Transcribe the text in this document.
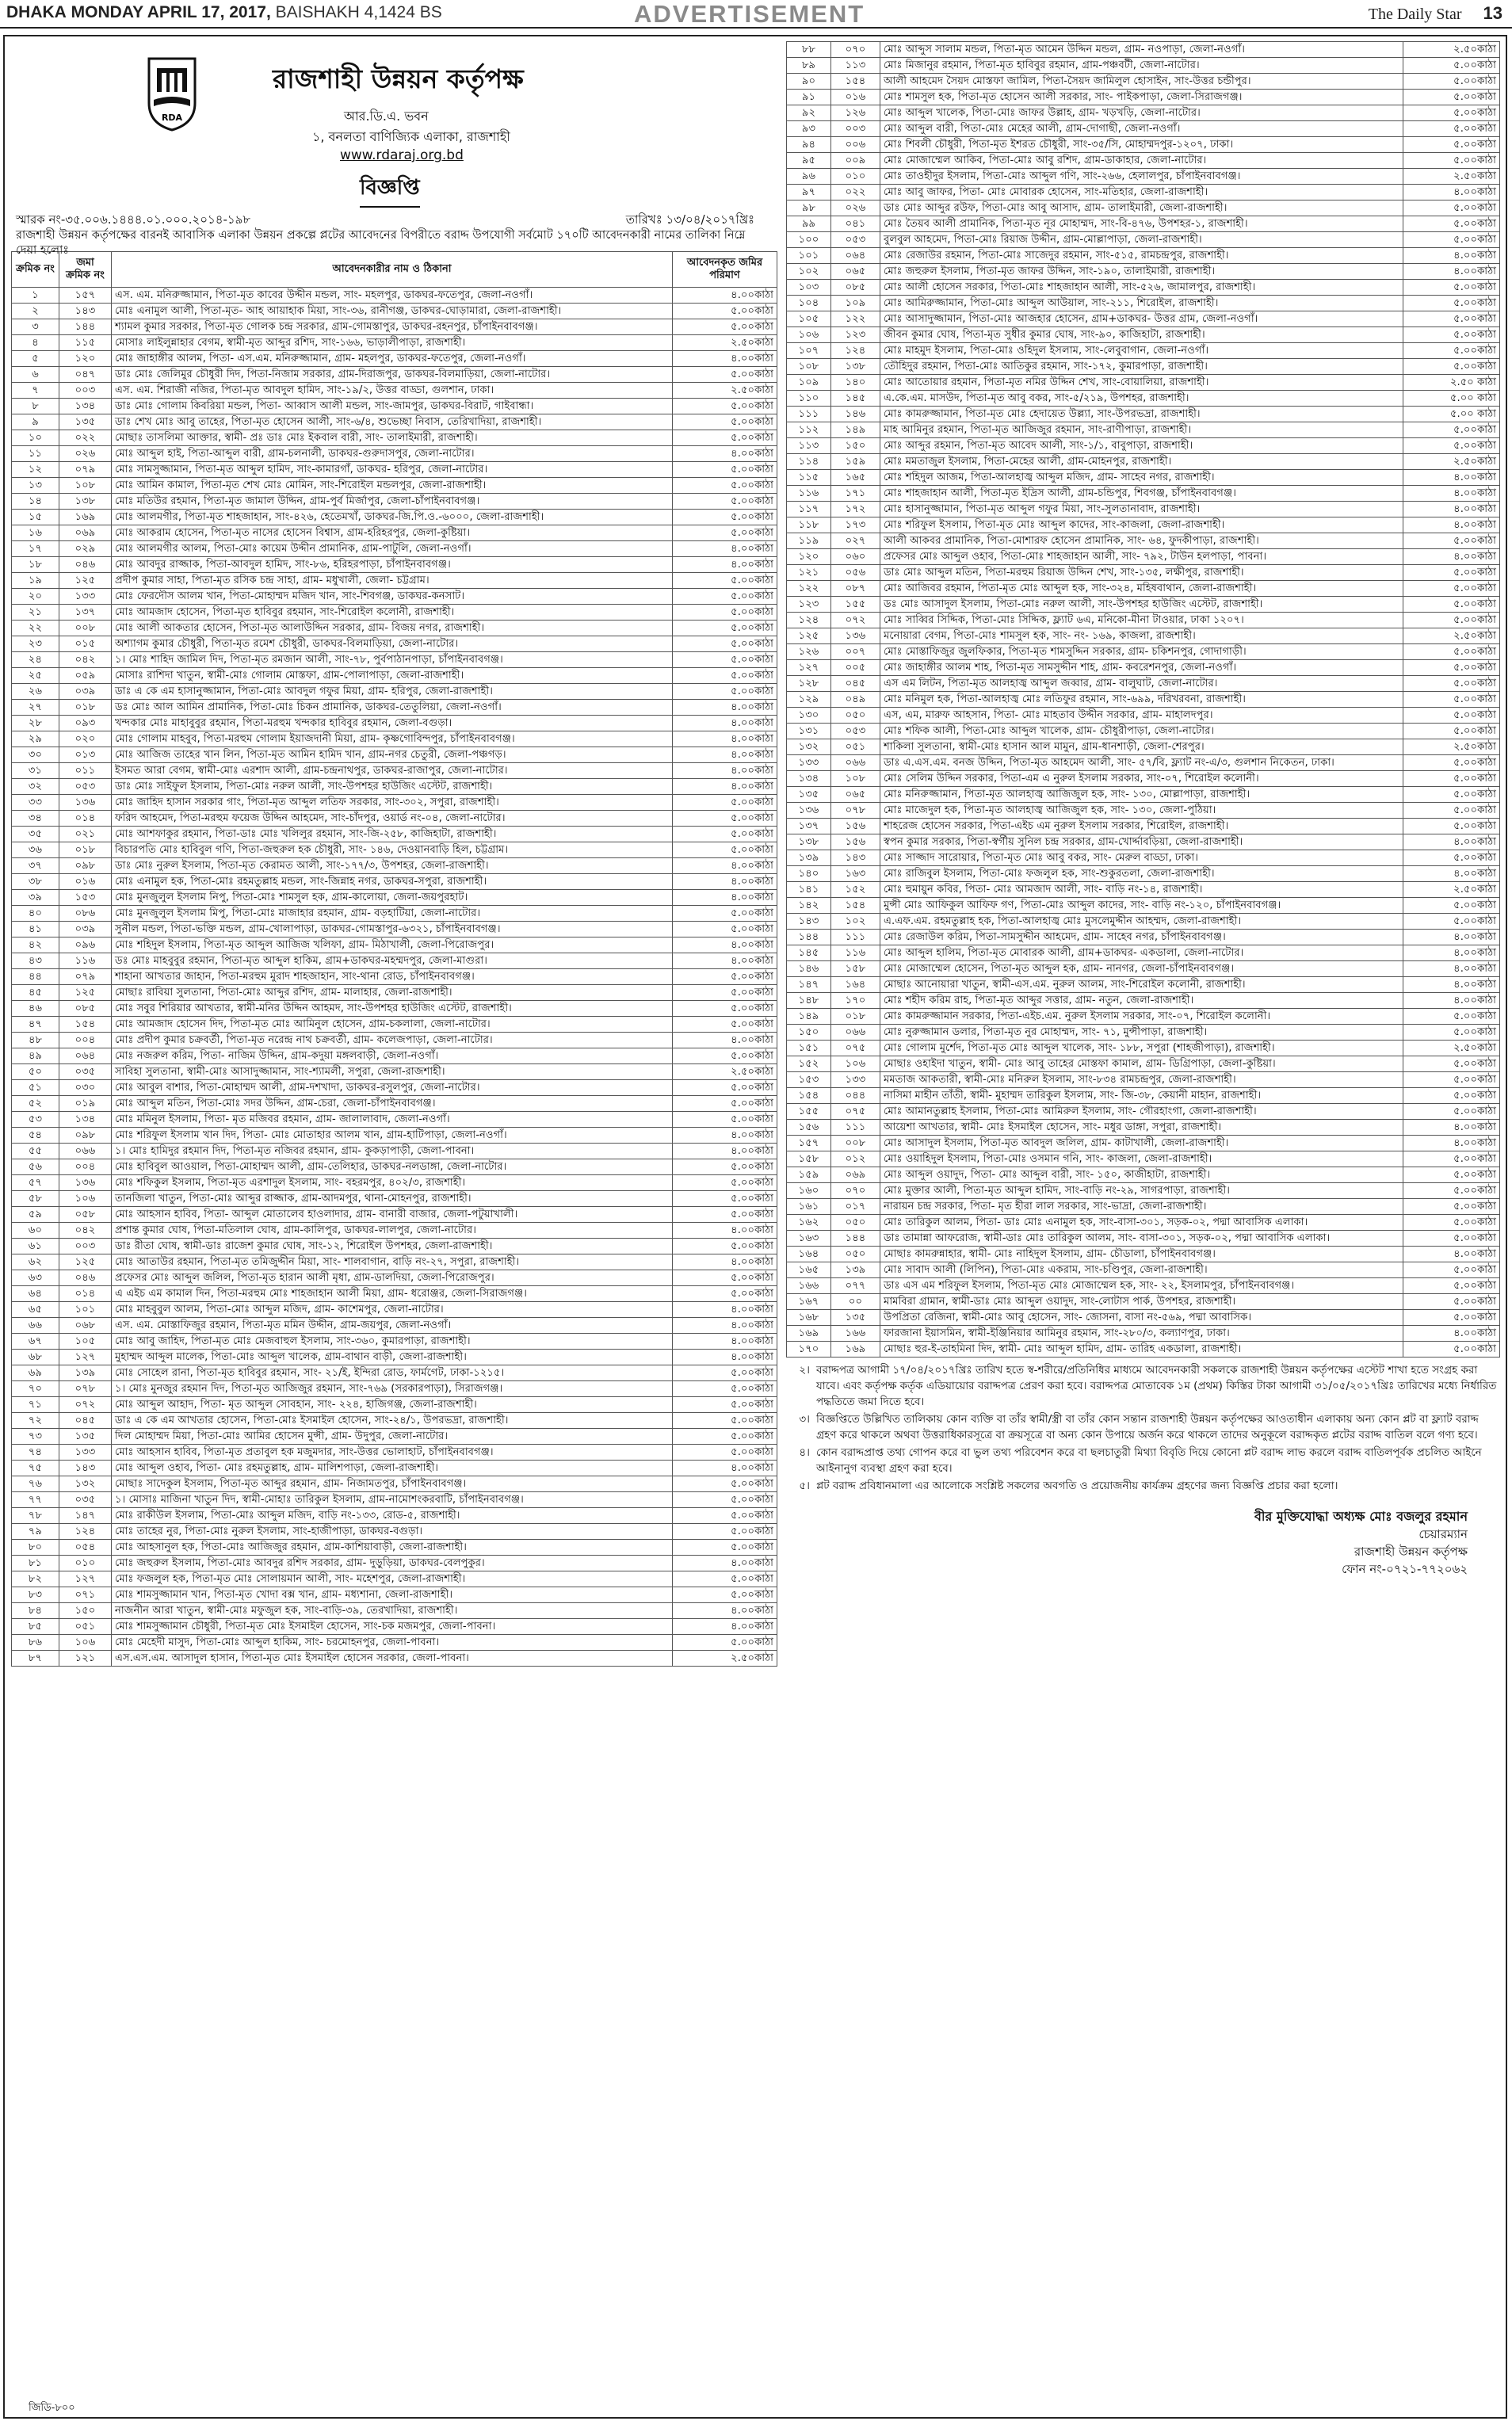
DHAKA MONDAY APRIL 17, 2017, BAISHAKH 4,1424 BS	ADVERTISEMENT	The Daily Star 13
RDA
রাজশাহী উন্নয়ন কর্তৃপক্ষ
আর.ডি.এ. ভবন
১, বনলতা বাণিজ্যিক এলাকা, রাজশাহী
www.rdaraj.org.bd
বিজ্ঞপ্তি
স্মারক নং-৩৫.০০৬.১৪৪৪.০১.০০০.২০১৪-১৯৮	তারিখঃ ১৩/০৪/২০১৭খ্রিঃ
রাজশাহী উন্নয়ন কর্তৃপক্ষের বারনই আবাসিক এলাকা উন্নয়ন প্রকল্পে প্লটের আবেদনের বিপরীতে বরাদ্দ উপযোগী সর্বমোট ১৭০টি আবেদনকারী নামের তালিকা নিম্নে দেয়া হলোঃ
ক্রমিক নং	জমা ক্রমিক নং	আবেদনকারীর নাম ও ঠিকানা	আবেদনকৃত জমির পরিমাণ
১	১৫৭	এস. এম. মনিরুজ্জামান, পিতা-মৃত কাবের উদ্দীন মন্ডল, সাং- মহলপুর, ডাকঘর-ফতেপুর, জেলা-নওগাঁ।	৪.০০কাঠা
২	১৪৩	মোঃ এনামুল আলী, পিতা-মৃত- আহ আয়াহাক মিয়া, সাং-৩৬, রানীগঞ্জ, ডাকঘর-ঘোড়ামারা, জেলা-রাজশাহী।	৫.০০কাঠা
৩	১৪৪	শ্যামল কুমার সরকার, পিতা-মৃত গোলক চন্দ্র সরকার, গ্রাম-গোমস্তাপুর, ডাকঘর-রহনপুর, চাঁপাইনবাবগঞ্জ।	৫.০০কাঠা
৪	১১৫	মোসাঃ লাইলুন্নাহার বেগম, স্বামী-মৃত আব্দুর রশিদ, সাং-১৬৬, ভাড়ালীপাড়া, রাজশাহী।	২.৫০কাঠা
৫	১২০	মোঃ জাহাঙ্গীর আলম, পিতা- এস.এম. মনিরুজ্জামান, গ্রাম- মহলপুর, ডাকঘর-ফতেপুর, জেলা-নওগাঁ।	৪.০০কাঠা
৬	০৪৭	ডাঃ মোঃ জেলিমুর চৌধুরী দিদ, পিতা-নিজাম সরকার, গ্রাম-দিরাজপুর, ডাকঘর-বিলমাড়িয়া, জেলা-নাটোর।	৫.০০কাঠা
৭	০০৩	এস. এম. শিরাজী নজির, পিতা-মৃত আবদুল হামিদ, সাং-১৯/২, উত্তর বাড্ডা, গুলশান, ঢাকা।	২.৫০কাঠা
৮	১৩৪	ডাঃ মোঃ গোলাম কিবরিয়া মন্ডল, পিতা- আব্বাস আলী মন্ডল, সাং-জামপুর, ডাকঘর-বিরাট, গাইবান্ধা।	৫.০০কাঠা
৯	১৩৫	ডাঃ শেখ মোঃ আবু তাহের, পিতা-মৃত হোসেন আলী, সাং-৬/৪, শুভেচ্ছা নিবাস, তেরিখাদিয়া, রাজশাহী।	৫.০০কাঠা
১০	০২২	মোছাঃ তাসলিমা আক্তার, স্বামী- প্রঃ ডাঃ মোঃ ইকবাল বারী, সাং- তালাইমারী, রাজশাহী।	৫.০০কাঠা
১১	০২৬	মোঃ আব্দুল হাই, পিতা-আব্দুল বারী, গ্রাম-চলনালী, ডাকঘর-গুরুদাসপুর, জেলা-নাটোর।	৪.০০কাঠা
১২	০৭৯	মোঃ সামসুজ্জামান, পিতা-মৃত আব্দুল হামিদ, সাং-কামারগাঁ, ডাকঘর- হরিপুর, জেলা-নাটোর।	৫.০০কাঠা
১৩	১০৮	মোঃ আমিন কামাল, পিতা-মৃত শেখ মোঃ মোমিন, সাং-শিরোইল মন্ডলপুর, জেলা-রাজশাহী।	৫.০০কাঠা
১৪	১৩৮	মোঃ মতিউর রহমান, পিতা-মৃত জামাল উদ্দিন, গ্রাম-পুর্ব মির্জাপুর, জেলা-চাঁপাইনবাবগঞ্জ।	৫.০০কাঠা
১৫	১৬৯	মোঃ আলমগীর, পিতা-মৃত শাহজাহান, সাং-৪২৬, হেতেমখাঁ, ডাকঘর-জি.পি.ও.-৬০০০, জেলা-রাজশাহী।	৫.০০কাঠা
১৬	০৬৯	মোঃ আকরাম হোসেন, পিতা-মৃত নাসের হোসেন বিশ্বাস, গ্রাম-হরিহরপুর, জেলা-কুষ্টিয়া।	৫.০০কাঠা
১৭	০২৯	মোঃ আলমগীর আলম, পিতা-মোঃ কায়েম উদ্দীন প্রামানিক, গ্রাম-পাটুলি, জেলা-নওগাঁ।	৪.০০কাঠা
১৮	০৪৬	মোঃ আবদুর রাজ্জাক, পিতা-আবদুল হামিদ, সাং-৮৬, হরিহরপাড়া, চাঁপাইনবাবগঞ্জ।	৪.০০কাঠা
১৯	১২৫	প্রদীপ কুমার সাহা, পিতা-মৃত রসিক চন্দ্র সাহা, গ্রাম- মধুখালী, জেলা- চট্টগ্রাম।	৫.০০কাঠা
২০	১৩৩	মোঃ ফেরদৌস আলম খান, পিতা-মোহাম্মদ মজিদ খান, সাং-শিবগঞ্জ, ডাকঘর-কনসাট।	৫.০০কাঠা
২১	১৩৭	মোঃ আমজাদ হোসেন, পিতা-মৃত হাবিবুর রহমান, সাং-শিরোইল কলোনী, রাজশাহী।	৫.০০কাঠা
২২	০০৮	মোঃ আলী আকতার হোসেন, পিতা-মৃত আলাউদ্দিন সরকার, গ্রাম- বিজয় নগর, রাজশাহী।	৫.০০কাঠা
২৩	০১৫	অশ্যাগম কুমার চৌধুরী, পিতা-মৃত রমেশ চৌধুরী, ডাকঘর-বিলমাড়িয়া, জেলা-নাটোর।	৫.০০কাঠা
২৪	০৪২	১। মোঃ শাহিদ জামিল দিদ, পিতা-মৃত রমজান আলী, সাং-৭৮, পুর্বপাঠানপাড়া, চাঁপাইনবাবগঞ্জ।	৫.০০কাঠা
২৫	০৫৯	মোসাঃ রাশিদা খাতুন, স্বামী-মোঃ গোলাম মোস্তফা, গ্রাম-পোলাপাড়া, জেলা-রাজশাহী।	৫.০০কাঠা
২৬	০৩৯	ডাঃ এ কে এম হাসানুজ্জামান, পিতা-মোঃ আবদুল গফুর মিয়া, গ্রাম- হরিপুর, জেলা-রাজশাহী।	৫.০০কাঠা
২৭	০১৮	ডঃ মোঃ আল আমিন প্রামানিক, পিতা-মোঃ চিকন প্রামানিক, ডাকঘর-তেতুলিয়া, জেলা-নওগাঁ।	৪.০০কাঠা
২৮	০৯৩	খন্দকার মোঃ মাহাবুবুর রহমান, পিতা-মরহুম খন্দকার হাবিবুর রহমান, জেলা-বগুড়া।	৪.০০কাঠা
২৯	০২০	মোঃ গোলাম মাহবুব, পিতা-মরহুম গোলাম ইয়াজদানী মিয়া, গ্রাম- কৃষ্ণগোবিন্দপুর, চাঁপাইনবাবগঞ্জ।	৪.০০কাঠা
৩০	০১৩	মোঃ আজিজ তাহের খান লিন, পিতা-মৃত আমিন হামিদ খান, গ্রাম-নগর চেতুরী, জেলা-পঞ্চগড়।	৪.০০কাঠা
৩১	০১১	ইসমত আরা বেগম, স্বামী-মোঃ এরশাদ আলী, গ্রাম-চন্দ্রনাথপুর, ডাকঘর-রাজাপুর, জেলা-নাটোর।	৪.০০কাঠা
৩২	০৫৩	ডাঃ মোঃ সাইফুল ইসলাম, পিতা-মোঃ নরুল আলী, সাং-উপশহর হাউজিং এস্টেট, রাজশাহী।	৪.০০কাঠা
৩৩	১৩৬	মোঃ জাহিদ হাসান সরকার গাং, পিতা-মৃত আব্দুল লতিফ সরকার, সাং-৩০২, সপুরা, রাজশাহী।	৫.০০কাঠা
৩৪	০১৪	ফরিদ আহমেদ, পিতা-মরহুম ফয়েজ উদ্দিন আহমেদ, সাং-চাঁদপুর, ওয়ার্ড নং-০৪, জেলা-নাটোর।	৫.০০কাঠা
৩৫	০২১	মোঃ আশফাকুর রহমান, পিতা-ডাঃ মোঃ খলিলুর রহমান, সাং-জি-২৫৮, কাজিহাটা, রাজশাহী।	৫.০০কাঠা
৩৬	০১৮	বিচারপতি মোঃ হাবিবুল গণি, পিতা-জহুরুল হক চৌধুরী, সাং- ১৪৬, দেওয়ানবাড়ি হিল, চট্টগ্রাম।	৫.০০কাঠা
৩৭	০৯৮	ডাঃ মোঃ নুরুল ইসলাম, পিতা-মৃত কেরামত আলী, সাং-১৭৭/৩, উপশহর, জেলা-রাজশাহী।	৪.০০কাঠা
৩৮	০১৬	মোঃ এনামুল হক, পিতা-মোঃ রহমতুল্লাহ মন্ডল, সাং-জিন্নাহ নগর, ডাকঘর-সপুরা, রাজশাহী।	৪.০০কাঠা
৩৯	১৫৩	মোঃ মুনজুলুল ইসলাম নিপু, পিতা-মোঃ শামসুল হক, গ্রাম-কালোয়া, জেলা-জয়পুরহাট।	৪.০০কাঠা
৪০	০৮৬	মোঃ মুনজুলুল ইসলাম মিপু, পিতা-মোঃ মাজাহার রহমান, গ্রাম- বড়হাটিয়া, জেলা-নাটোর।	৫.০০কাঠা
৪১	০৩৯	সুনীল মন্ডল, পিতা-ভক্তি মন্ডল, গ্রাম-খোলাপাড়া, ডাকঘর-গোমস্তাপুর-৬৩২১, চাঁপাইনবাবগঞ্জ।	৫.০০কাঠা
৪২	০৯৬	মোঃ শহিদুল ইসলাম, পিতা-মৃত আব্দুল আজিজ খলিফা, গ্রাম- মিঠাখালী, জেলা-পিরোজপুর।	৪.০০কাঠা
৪৩	১১৬	ডঃ মোঃ মাহবুবুর রহমান, পিতা-মৃত আব্দুল হাকিম, গ্রাম+ডাকঘর-মহম্মদপুর, জেলা-মাগুরা।	৪.০০কাঠা
৪৪	০৭৯	শাহানা আখতার জাহান, পিতা-মরহুম মুরাদ শাহজাহান, সাং-থানা রোড, চাঁপাইনবাবগঞ্জ।	৫.০০কাঠা
৪৫	১২৫	মোছাঃ রাবিয়া সুলতানা, পিতা-মোঃ আব্দুর রশিদ, গ্রাম- মালাহার, জেলা-রাজশাহী।	৫.০০কাঠা
৪৬	০৮৫	মোঃ সবুর শিরিয়ার আখতার, স্বামী-মনির উদ্দিন আহমদ, সাং-উপশহর হাউজিং এস্টেট, রাজশাহী।	৫.০০কাঠা
৪৭	১৫৪	মোঃ আমজাদ হোসেন দিদ, পিতা-মৃত মোঃ আমিনুল হোসেন, গ্রাম-চকলালা, জেলা-নাটোর।	৫.০০কাঠা
৪৮	০০৪	মোঃ প্রদীপ কুমার চক্রবর্তী, পিতা-মৃত নরেন্দ্র নাথ চক্রবর্তী, গ্রাম- কলেজপাড়া, জেলা-নাটোর।	৪.০০কাঠা
৪৯	০৬৪	মোঃ নজরুল করিম, পিতা- নাজিম উদ্দিন, গ্রাম-কদুয়া মঙ্গলবাড়ী, জেলা-নওগাঁ।	৫.০০কাঠা
৫০	০৩৫	সাবিহা সুলতানা, স্বামী-মোঃ আসাদুজ্জামান, সাং-শ্যামলী, সপুরা, জেলা-রাজশাহী।	২.৫০কাঠা
৫১	০৩০	মোঃ আবুল বাশার, পিতা-মোহাম্মদ আলী, গ্রাম-দশখাদা, ডাকঘর-রসুলপুর, জেলা-নাটোর।	৫.০০কাঠা
৫২	০১৯	মোঃ আব্দুল মতিন, পিতা-মোঃ সদর উদ্দিন, গ্রাম-চেরা, জেলা-চাঁপাইনবাবগঞ্জ।	৫.০০কাঠা
৫৩	১৩৪	মোঃ মমিনুল ইসলাম, পিতা- মৃত মজিবর রহমান, গ্রাম- জালালাবাদ, জেলা-নওগাঁ।	৫.০০কাঠা
৫৪	০৯৮	মোঃ শরিফুল ইসলাম খান দিদ, পিতা- মোঃ মোতাহার আলম খান, গ্রাম-হাটিপাড়া, জেলা-নওগাঁ।	৪.০০কাঠা
৫৫	০৬৬	১। মোঃ হামিদুর রহমান দিদ, পিতা-মৃত নজিবর রহমান, গ্রাম- কুকড়াপাড়ী, জেলা-পাবনা।	৪.০০কাঠা
৫৬	০০৪	মোঃ হাবিবুল আওয়াল, পিতা-মোহাম্মদ আলী, গ্রাম-তেলিহার, ডাকঘর-নলডাঙ্গা, জেলা-নাটোর।	৫.০০কাঠা
৫৭	১৩৬	মোঃ শফিকুল ইসলাম, পিতা-মৃত এরশাদুল ইসলাম, সাং- বহরমপুর, ৪০২/৩, রাজশাহী।	৫.০০কাঠা
৫৮	১০৬	তানজিলা খাতুন, পিতা-মোঃ আব্দুর রাজ্জাক, গ্রাম-আদমপুর, থানা-মোহনপুর, রাজশাহী।	৫.০০কাঠা
৫৯	০৫৮	মোঃ আহসান হাবিব, পিতা- আব্দুল মোতালেব হাওলাদার, গ্রাম- বানারী বাজার, জেলা-পটুয়াখালী।	৫.০০কাঠা
৬০	০৪২	প্রশান্ত কুমার ঘোষ, পিতা-মতিলাল ঘোষ, গ্রাম-কালিপুর, ডাকঘর-লালপুর, জেলা-নাটোর।	৪.০০কাঠা
৬১	০০৩	ডাঃ রীতা ঘোষ, স্বামী-ডাঃ রাজেশ কুমার ঘোষ, সাং-১২, শিরোইল উপশহর, জেলা-রাজশাহী।	৫.০০কাঠা
৬২	১২৫	মোঃ আতাউর রহমান, পিতা-মৃত তমিজুদ্দীন মিয়া, সাং- শালবাগান, বাড়ি নং-২৭, সপুরা, রাজশাহী।	৪.০০কাঠা
৬৩	০৪৬	প্রফেসর মোঃ আব্দুল জলিল, পিতা-মৃত হারান আলী মৃধা, গ্রাম-ডালদিয়া, জেলা-পিরোজপুর।	৫.০০কাঠা
৬৪	০১৪	এ এইচ এম কামাল দিন, পিতা-মরহুম মোঃ শাহজাহান আলী মিয়া, গ্রাম- ধরোঞ্জর, জেলা-সিরাজগঞ্জ।	৫.০০কাঠা
৬৫	১০১	মোঃ মাহবুবুল আলম, পিতা-মোঃ আব্দুল মজিদ, গ্রাম- কাশেমপুর, জেলা-নাটোর।	৪.০০কাঠা
৬৬	০৬৮	এস. এম. মোস্তাফিজুর রহমান, পিতা-মৃত মমিন উদ্দীন, গ্রাম-জয়পুর, জেলা-নওগাঁ।	৪.০০কাঠা
৬৭	১০৫	মোঃ আবু জাহিদ, পিতা-মৃত মোঃ মেজবাহুল ইসলাম, সাং-৩৬০, কুমারপাড়া, রাজশাহী।	৪.০০কাঠা
৬৮	১২৭	মুহাম্মদ আব্দুল মালেক, পিতা-মোঃ আব্দুল খালেক, গ্রাম-বাথান বাড়ী, জেলা-রাজশাহী।	৪.০০কাঠা
৬৯	১৩৯	মোঃ সোহেল রানা, পিতা-মৃত হাবিবুর রহমান, সাং- ২১/ই, ইন্দিরা রোড, ফার্মগেট, ঢাকা-১২১৫।	৫.০০কাঠা
৭০	০৭৮	১। মোঃ মুনজুর রহমান দিদ, পিতা-মৃত আজিজুর রহমান, সাং-৭৬৯ (সরকারপাড়া), সিরাজগঞ্জ।	৫.০০কাঠা
৭১	০৭২	মোঃ আব্দুল আহাদ, পিতা- মৃত আব্দুল সোবহান, সাং- ২২৪, হাজিগঞ্জ, জেলা-রাজশাহী।	৫.০০কাঠা
৭২	০৪৫	ডাঃ এ কে এম আখতার হোসেন, পিতা-মোঃ ইসমাইল হোসেন, সাং-২৪/১, উপরভদ্রা, রাজশাহী।	৫.০০কাঠা
৭৩	১৩৫	দিল মোহাম্মদ মিয়া, পিতা-মোঃ আমির হোসেন মুন্সী, গ্রাম- উদুপুর, জেলা-নাটোর।	৫.০০কাঠা
৭৪	১৩৩	মোঃ আহসান হাবিব, পিতা-মৃত প্রতাবুল হক মজুমদার, সাং-উত্তর ভোলাহাট, চাঁপাইনবাবগঞ্জ।	৫.০০কাঠা
৭৫	১৪৩	মোঃ আব্দুল ওহাব, পিতা- মোঃ রহমতুল্লাহ, গ্রাম- মালিশপাড়া, জেলা-রাজশাহী।	৪.০০কাঠা
৭৬	১৩২	মোছাঃ সাদেকুল ইসলাম, পিতা-মৃত আব্দুর রহমান, গ্রাম- নিজামতপুর, চাঁপাইনবাবগঞ্জ।	৫.০০কাঠা
৭৭	০৩৫	১। মোসাঃ মাজিনা খাতুন দিদ, স্বামী-মোহাঃ তারিকুল ইসলাম, গ্রাম-নামোশংকরবাটি, চাঁপাইনবাবগঞ্জ।	৫.০০কাঠা
৭৮	১৪৭	মোঃ রাকীউল ইসলাম, পিতা-মোঃ আব্দুল মজিদ, বাড়ি নং-১৩৩, রোড-৫, রাজশাহী।	৫.০০কাঠা
৭৯	১২৪	মোঃ তাহের নুর, পিতা-মোঃ নুরুল ইসলাম, সাং-হাজীপাড়া, ডাকঘর-বগুড়া।	৫.০০কাঠা
৮০	০৫৪	মোঃ আহসানুল হক, পিতা-মোঃ আজিজুর রহমান, গ্রাম-কাশিয়াবাড়ী, জেলা-রাজশাহী।	৫.০০কাঠা
৮১	০১০	মোঃ জহুরুল ইসলাম, পিতা-মোঃ আবদুর রশিদ সরকার, গ্রাম- দুড়ুড়িয়া, ডাকঘর-বেলপুকুর।	৪.০০কাঠা
৮২	১২৭	মোঃ ফজলুল হক, পিতা-মৃত মোঃ সোলায়মান আলী, সাং- মহেশপুর, জেলা-রাজশাহী।	৫.০০কাঠা
৮৩	০৭১	মোঃ শামসুজ্জামান খান, পিতা-মৃত খোদা বক্স খান, গ্রাম- মধ্যশানা, জেলা-রাজশাহী।	৫.০০কাঠা
৮৪	১৫০	নাজনীন আরা খাতুন, স্বামী-মোঃ মফুজুল হক, সাং-বাড়ি-৩৯, তেরখাদিয়া, রাজশাহী।	৪.০০কাঠা
৮৫	০৫১	মোঃ শামসুজ্জামান চৌধুরী, পিতা-মৃত মোঃ ইসমাইল হোসেন, সাং-চক মজমপুর, জেলা-পাবনা।	৪.০০কাঠা
৮৬	১০৬	মোঃ মেহেদী মাসুদ, পিতা-মোঃ আব্দুল হাকিম, সাং- চরমোহনপুর, জেলা-পাবনা।	৫.০০কাঠা
৮৭	১২১	এস.এস.এম. আসাদুল হাসান, পিতা-মৃত মোঃ ইসমাইল হোসেন সরকার, জেলা-পাবনা।	২.৫০কাঠা
৮৮	০৭০	মোঃ আব্দুস সালাম মন্ডল, পিতা-মৃত আমেন উদ্দিন মন্ডল, গ্রাম- নওপাড়া, জেলা-নওগাঁ।	২.৫০কাঠা
৮৯	১১৩	মোঃ মিজানুর রহমান, পিতা-মৃত হাবিবুর রহমান, গ্রাম-পঞ্চবটী, জেলা-নাটোর।	৫.০০কাঠা
৯০	১৫৪	আলী আহমেদ সৈয়দ মোস্তফা জামিল, পিতা-সৈয়দ জামিলুল হোসাইন, সাং-উত্তর চন্ডীপুর।	৫.০০কাঠা
৯১	০১৬	মোঃ শামসুল হক, পিতা-মৃত হোসেন আলী সরকার, সাং- পাইকপাড়া, জেলা-সিরাজগঞ্জ।	৫.০০কাঠা
৯২	১২৬	মোঃ আব্দুল খালেক, পিতা-মোঃ জাফর উল্লাহ, গ্রাম- খড়খড়ি, জেলা-নাটোর।	৫.০০কাঠা
৯৩	০০৩	মোঃ আব্দুল বারী, পিতা-মোঃ মেহের আলী, গ্রাম-দোগাছী, জেলা-নওগাঁ।	৫.০০কাঠা
৯৪	০০৬	মোঃ শিবলী চৌধুরী, পিতা-মৃত ইশরত চৌধুরী, সাং-৩৫/সি, মোহাম্মদপুর-১২০৭, ঢাকা।	৫.০০কাঠা
৯৫	০০৯	মোঃ মোজাম্মেল আকিব, পিতা-মোঃ আবু রশিদ, গ্রাম-ডাকাহার, জেলা-নাটোর।	৫.০০কাঠা
৯৬	০১০	মোঃ তাওহীদুর ইসলাম, পিতা-মোঃ আব্দুল গণি, সাং-২৬৬, হেলালপুর, চাঁপাইনবাবগঞ্জ।	২.৫০কাঠা
৯৭	০২২	মোঃ আবু জাফর, পিতা- মোঃ মোবারক হোসেন, সাং-মতিহার, জেলা-রাজশাহী।	৪.০০কাঠা
৯৮	০২৬	ডাঃ মোঃ আব্দুর রউফ, পিতা-মোঃ আবু আসাদ, গ্রাম- তালাইমারী, জেলা-রাজশাহী।	৫.০০কাঠা
৯৯	০৪১	মোঃ তৈয়ব আলী প্রামানিক, পিতা-মৃত নূর মোহাম্মদ, সাং-বি-৪৭৬, উপশহর-১, রাজশাহী।	৫.০০কাঠা
১০০	০৫৩	বুলবুল আহমেদ, পিতা-মোঃ রিয়াজ উদ্দীন, গ্রাম-মোল্লাপাড়া, জেলা-রাজশাহী।	৫.০০কাঠা
১০১	০৬৪	মোঃ রেজাউর রহমান, পিতা-মোঃ সাজেদুর রহমান, সাং-৫১৫, রামচন্দ্রপুর, রাজশাহী।	৪.০০কাঠা
১০২	০৬৫	মোঃ জহুরুল ইসলাম, পিতা-মৃত জাফর উদ্দিন, সাং-১৯০, তালাইমারী, রাজশাহী।	৪.০০কাঠা
১০৩	০৮৫	মোঃ আলী হোসেন সরকার, পিতা-মোঃ শাহজাহান আলী, সাং-৫২৬, জামালপুর, রাজশাহী।	৫.০০কাঠা
১০৪	১০৯	মোঃ আমিরুজ্জামান, পিতা-মোঃ আব্দুল আউয়াল, সাং-২১১, শিরোইল, রাজশাহী।	৫.০০কাঠা
১০৫	১২২	মোঃ আসাদুজ্জামান, পিতা-মোঃ আজহার হোসেন, গ্রাম+ডাকঘর- উত্তর গ্রাম, জেলা-নওগাঁ।	৫.০০কাঠা
১০৬	১২৩	জীবন কুমার ঘোষ, পিতা-মৃত সুধীর কুমার ঘোষ, সাং-৯০, কাজিহাটা, রাজশাহী।	৫.০০কাঠা
১০৭	১২৪	মোঃ মাহমুদ ইসলাম, পিতা-মোঃ ওহিদুল ইসলাম, সাং-লেবুবাগান, জেলা-নওগাঁ।	৫.০০কাঠা
১০৮	১৩৮	তৌহিদুর রহমান, পিতা-মোঃ আতিকুর রহমান, সাং-১৭২, কুমারপাড়া, রাজশাহী।	৫.০০কাঠা
১০৯	১৪০	মোঃ আতোয়ার রহমান, পিতা-মৃত নমির উদ্দিন শেখ, সাং-বোয়ালিয়া, রাজশাহী।	২.৫০ কাঠা
১১০	১৪৫	এ.কে.এম. মাসউদ, পিতা-মৃত আবু বকর, সাং-৫/২১৯, উপশহর, রাজশাহী।	৫.০০ কাঠা
১১১	১৪৬	মোঃ কামরুজ্জামান, পিতা-মৃত মোঃ হেদায়েত উল্ল্যা, সাং-উপরভদ্রা, রাজশাহী।	৫.০০ কাঠা
১১২	১৪৯	মাহ আমিনুর রহমান, পিতা-মৃত আজিজুর রহমান, সাং-রাণীপাড়া, রাজশাহী।	৫.০০কাঠা
১১৩	১৫০	মোঃ আব্দুর রহমান, পিতা-মৃত আবেদ আলী, সাং-১/১, বাবুপাড়া, রাজশাহী।	৫.০০কাঠা
১১৪	১৫৯	মোঃ মমতাজুল ইসলাম, পিতা-মেহের আলী, গ্রাম-মোহনপুর, রাজশাহী।	২.৫০কাঠা
১১৫	১৬৫	মোঃ শহিদুল আজম, পিতা-আলহাজ্ব আব্দুল মজিদ, গ্রাম- সাহেব নগর, রাজশাহী।	৪.০০কাঠা
১১৬	১৭১	মোঃ শাহজাহান আলী, পিতা-মৃত ইদ্রিস আলী, গ্রাম-চন্ডিপুর, শিবগঞ্জ, চাঁপাইনবাবগঞ্জ।	৪.০০কাঠা
১১৭	১৭২	মোঃ হাসানুজ্জামান, পিতা-মৃত আব্দুল গফুর মিয়া, সাং-সুলতানাবাদ, রাজশাহী।	৪.০০কাঠা
১১৮	১৭৩	মোঃ শরিফুল ইসলাম, পিতা-মৃত মোঃ আব্দুল কাদের, সাং-কাজলা, জেলা-রাজশাহী।	৪.০০কাঠা
১১৯	০২৭	আলী আকবর প্রামানিক, পিতা-মোশারফ হোসেন প্রামানিক, সাং- ৬৪, ফুদকীপাড়া, রাজশাহী।	৫.০০কাঠা
১২০	০৬০	প্রফেসর মোঃ আব্দুল ওহাব, পিতা-মোঃ শাহজাহান আলী, সাং- ৭৯২, টাউন হলপাড়া, পাবনা।	৪.০০কাঠা
১২১	০৫৬	ডাঃ মোঃ আব্দুল মতিন, পিতা-মরহুম রিয়াজ উদ্দিন শেখ, সাং-১৩৫, লক্ষীপুর, রাজশাহী।	৫.০০কাঠা
১২২	০৮৭	মোঃ আজিবর রহমান, পিতা-মৃত মোঃ আব্দুল হক, সাং-৩২৪, মহিষবাথান, জেলা-রাজশাহী।	৫.০০কাঠা
১২৩	১৫৫	ডঃ মোঃ আসাদুল ইসলাম, পিতা-মোঃ নরুল আলী, সাং-উপশহর হাউজিং এস্টেট, রাজশাহী।	৫.০০কাঠা
১২৪	০৭২	মোঃ সাব্বির সিদ্দিক, পিতা-মোঃ সিদ্দিক, ফ্ল্যাট ৬এ, মনিকো-মীনা টাওয়ার, ঢাকা ১২০৭।	৫.০০কাঠা
১২৫	১৩৬	মনোয়ারা বেগম, পিতা-মোঃ শামসুল হক, সাং- নং- ১৬৯, কাজলা, রাজশাহী।	২.৫০কাঠা
১২৬	০০৭	মোঃ মোস্তাফিজুর জুলফিকার, পিতা-মৃত শামসুদ্দিন সরকার, গ্রাম- চকিশনপুর, গোদাগাড়ী।	৫.০০কাঠা
১২৭	০০৫	মোঃ জাহাঙ্গীর আলম শাহ, পিতা-মৃত সামসুদ্দীন শাহ, গ্রাম- কবরেশনপুর, জেলা-নওগাঁ।	৫.০০কাঠা
১২৮	০৪৫	এস এম লিটন, পিতা-মৃত আলহাজ্ব আব্দুল জব্বার, গ্রাম- বালুঘাট, জেলা-নাটোর।	৫.০০কাঠা
১২৯	০৪৯	মোঃ মনিমুল হক, পিতা-আলহাজ্ব মোঃ লতিফুর রহমান, সাং-৬৯৯, দরিখরবনা, রাজশাহী।	৫.০০কাঠা
১৩০	০৫০	এস, এম, মারুফ আহসান, পিতা- মোঃ মাহতাব উদ্দীন সরকার, গ্রাম- মাহালদপুর।	৫.০০কাঠা
১৩১	০৫৩	মোঃ শফিক আলী, পিতা-মোঃ আব্দুল খালেক, গ্রাম- চৌধুরীপাড়া, জেলা-নাটোর।	৫.০০কাঠা
১৩২	০৫১	শাকিলা সুলতানা, স্বামী-মোঃ হাসান আল মামুন, গ্রাম-ধানশাড়ী, জেলা-শেরপুর।	২.৫০কাঠা
১৩৩	০৬৬	ডাঃ এ.এস.এম. বনজ উদ্দিন, পিতা-মৃত আহমেদ আলী, সাং- ৫৭/বি, ফ্ল্যাট নং-এ/৩, গুলশান নিকেতন, ঢাকা।	৫.০০কাঠা
১৩৪	১০৮	মোঃ সেলিম উদ্দিন সরকার, পিতা-এম এ নুরুল ইসলাম সরকার, সাং-০৭, শিরোইল কলোনী।	৫.০০কাঠা
১৩৫	০৬৫	মোঃ মনিরুজ্জামান, পিতা-মৃত আলহাজ্ব আজিজুল হক, সাং- ১৩০, মোল্লাপাড়া, রাজশাহী।	৫.০০কাঠা
১৩৬	০৭৮	মোঃ মাজেদুল হক, পিতা-মৃত আলহাজ্ব আজিজুল হক, সাং- ১৩০, জেলা-পুঠিয়া।	৫.০০কাঠা
১৩৭	১৫৬	শাহরেজ হোসেন সরকার, পিতা-এইচ এম নুরুল ইসলাম সরকার, শিরোইল, রাজশাহী।	৫.০০কাঠা
১৩৮	১৫৬	স্বপন কুমার সরকার, পিতা-স্বর্গীয় সুনিল চন্দ্র সরকার, গ্রাম-খোর্দ্দাবড়িয়া, জেলা-রাজশাহী।	৪.০০কাঠা
১৩৯	১৪৩	মোঃ সাজ্জাদ সারোয়ার, পিতা-মৃত মোঃ আবু বকর, সাং- মেরুল বাড্ডা, ঢাকা।	৫.০০কাঠা
১৪০	১৬৩	মোঃ রাজিবুল ইসলাম, পিতা-মোঃ ফজলুল হক, সাং-শুকুরতলা, জেলা-রাজশাহী।	৪.০০কাঠা
১৪১	১৫২	মোঃ হুমায়ুন কবির, পিতা- মোঃ আমজাদ আলী, সাং- বাড়ি নং-১৪, রাজশাহী।	২.৫০কাঠা
১৪২	১৫৪	মুন্সী মোঃ আফিকুল আফিফ গণ, পিতা-মোঃ আব্দুল কাদের, সাং- বাড়ি নং-১২০, চাঁপাইনবাবগঞ্জ।	৫.০০কাঠা
১৪৩	১০২	এ.এফ.এম. রহমতুল্লাহ হক, পিতা-আলহাজ্ব মোঃ মুসলেমুদ্দীন আহম্মদ, জেলা-রাজশাহী।	৫.০০কাঠা
১৪৪	১১১	মোঃ রেজাউল করিম, পিতা-সামসুদ্দীন আহমেদ, গ্রাম- সাহেব নগর, চাঁপাইনবাবগঞ্জ।	৪.০০কাঠা
১৪৫	১১৬	মোঃ আব্দুল হালিম, পিতা-মৃত মোবারক আলী, গ্রাম+ডাকঘর- একডালা, জেলা-নাটোর।	৪.০০কাঠা
১৪৬	১৫৮	মোঃ মোজাম্মেল হোসেন, পিতা-মৃত আব্দুল হক, গ্রাম- নানগর, জেলা-চাঁপাইনবাবগঞ্জ।	৪.০০কাঠা
১৪৭	১৬৪	মোছাঃ আনোয়ারা খাতুন, স্বামী-এস.এম. নুরুল আলম, সাং-শিরোইল কলোনী, রাজশাহী।	৪.০০কাঠা
১৪৮	১৭০	মোঃ শহীদ করিম রাহ, পিতা-মৃত আব্দুর সত্তার, গ্রাম- নতুন, জেলা-রাজশাহী।	৪.০০কাঠা
১৪৯	০১৮	মোঃ কামরুজ্জামান সরকার, পিতা-এইচ.এম. নুরুল ইসলাম সরকার, সাং-০৭, শিরোইল কলোনী।	৫.০০কাঠা
১৫০	০৬৬	মোঃ নুরুজ্জামান ডলার, পিতা-মৃত নুর মোহাম্মদ, সাং- ৭১, মুন্সীপাড়া, রাজশাহী।	৫.০০কাঠা
১৫১	০৭৫	মোঃ গোলাম মুর্শেদ, পিতা-মৃত মোঃ আব্দুল খালেক, সাং- ১৮৮, সপুরা (শাহজীপাড়া), রাজশাহী।	২.৫০কাঠা
১৫২	১০৬	মোছাঃ ওহাইদা খাতুন, স্বামী- মোঃ আবু তাহের মোস্তফা কামাল, গ্রাম- ডিগ্রিপাড়া, জেলা-কুষ্টিয়া।	৫.০০কাঠা
১৫৩	১৩৩	মমতাজ আকতারী, স্বামী-মোঃ মনিরুল ইসলাম, সাং-৮৩৪ রামচন্দ্রপুর, জেলা-রাজশাহী।	৫.০০কাঠা
১৫৪	০৪৪	নাসিমা মাহীন তাঁতী, স্বামী- মুহাম্মদ তারিকুল ইসলাম, সাং- জি-৩৮, কেয়ানী মাহান, রাজশাহী।	৫.০০কাঠা
১৫৫	০৭৫	মোঃ আমানতুল্লাহ ইসলাম, পিতা-মোঃ আমিরুল ইসলাম, সাং- গৌরহাংগা, জেলা-রাজশাহী।	৫.০০কাঠা
১৫৬	১১১	আয়েশা আখতার, স্বামী- মোঃ ইসমাইল হোসেন, সাং- মধুর ডাঙ্গা, সপুরা, রাজশাহী।	৪.০০কাঠা
১৫৭	০০৮	মোঃ আসাদুল ইসলাম, পিতা-মৃত আবদুল জলিল, গ্রাম- কাটাখালী, জেলা-রাজশাহী।	৪.০০কাঠা
১৫৮	০১২	মোঃ ওয়াহিদুল ইসলাম, পিতা-মোঃ ওসমান গনি, সাং- কাজলা, জেলা-রাজশাহী।	৫.০০কাঠা
১৫৯	০৬৯	মোঃ আব্দুল ওয়াদুদ, পিতা- মোঃ আব্দুল বারী, সাং- ১৫০, কাজীহাটা, রাজশাহী।	৫.০০কাঠা
১৬০	০৭০	মোঃ মুক্তার আলী, পিতা-মৃত আব্দুল হামিদ, সাং-বাড়ি নং-২৯, সাগরপাড়া, রাজশাহী।	৫.০০কাঠা
১৬১	০১৭	নারায়ন চন্দ্র সরকার, পিতা- মৃত হীরা লাল সরকার, সাং-ভাদ্রা, জেলা-রাজশাহী।	৫.০০কাঠা
১৬২	০৫০	মোঃ তারিকুল আলম, পিতা- ডাঃ মোঃ এনামুল হক, সাং-বাসা-৩০১, সড়ক-০২, পদ্মা আবাসিক এলাকা।	৫.০০কাঠা
১৬৩	১৪৪	ডাঃ তামান্না আফরোজ, স্বামী-ডাঃ মোঃ তারিকুল আলম, সাং- বাসা-৩০১, সড়ক-০২, পদ্মা আবাসিক এলাকা।	৫.০০কাঠা
১৬৪	০৫০	মোছাঃ কামরুন্নাহার, স্বামী- মোঃ নাহিদুল ইসলাম, গ্রাম- চৌডালা, চাঁপাইনবাবগঞ্জ।	৪.০০কাঠা
১৬৫	১৩৯	মোঃ সাবাদ আলী (লিপিন), পিতা-মোঃ একরাম, সাং-চণ্ডিপুর, জেলা-রাজশাহী।	৫.০০কাঠা
১৬৬	০৭৭	ডাঃ এস এম শরিফুল ইসলাম, পিতা-মৃত মোঃ মোজাম্মেল হক, সাং- ২২, ইসলামপুর, চাঁপাইনবাবগঞ্জ।	৫.০০কাঠা
১৬৭	০০	মামবিরা গ্রামান, স্বামী-ডাঃ মোঃ আব্দুল ওয়াদুদ, সাং-লোটাস পার্ক, উপশহর, রাজশাহী।	৫.০০কাঠা
১৬৮	১৩৫	উপপ্রিতা রেজিনা, স্বামী-মোঃ আবু হোসেন, সাং- জোসনা, বাসা নং-৫৬৯, পদ্মা আবাসিক।	৫.০০কাঠা
১৬৯	১৬৬	ফারজানা ইয়াসমিন, স্বামী-ইঞ্জিনিয়ার আমিনুর রহমান, সাং-২৮০/৩, কল্যাণপুর, ঢাকা।	৪.০০কাঠা
১৭০	১৬৯	মোছাঃ হুর-ই-তাহমিনা দিদ, স্বামী- মোঃ আব্দুল হামিদ, গ্রাম- তারিহ একডালা, রাজশাহী।	৫.০০কাঠা
২। বরাদ্দপত্র আগামী ১৭/০৪/২০১৭খ্রিঃ তারিখ হতে স্ব-শরীরে/প্রতিনিধির মাধ্যমে আবেদনকারী সকলকে রাজশাহী উন্নয়ন কর্তৃপক্ষের এস্টেট শাখা হতে সংগ্রহ করা যাবে। এবং কর্তৃপক্ষ কর্তৃক এডিয়ায়োর বরাদ্দপত্র প্রেরণ করা হবে। বরাদ্দপত্র মোতাবেক ১ম (প্রথম) কিস্তির টাকা আগামী ৩১/০৫/২০১৭খ্রিঃ তারিখের মধ্যে নির্ধারিত পদ্ধতিতে জমা দিতে হবে।
৩। বিজ্ঞপ্তিতে উল্লিখিত তালিকায় কোন ব্যক্তি বা তাঁর স্বামী/স্ত্রী বা তাঁর কোন সন্তান রাজশাহী উন্নয়ন কর্তৃপক্ষের আওতাধীন এলাকায় অন্য কোন প্লট বা ফ্ল্যাট বরাদ্দ গ্রহণ করে থাকলে অথবা উত্তরাধিকারসূত্রে বা ক্রয়সূত্রে বা অন্য কোন উপায়ে অর্জন করে থাকলে তাদের অনুকূলে বরাদ্দকৃত প্লটের বরাদ্দ বাতিল বলে গণ্য হবে।
৪। কোন বরাদ্দপ্রাপ্ত তথ্য গোপন করে বা ভুল তথ্য পরিবেশন করে বা ছলচাতুরী মিথ্যা বিবৃতি দিয়ে কোনো প্লট বরাদ্দ লাভ করলে বরাদ্দ বাতিলপূর্বক প্রচলিত আইনে আইনানুগ ব্যবস্থা গ্রহণ করা হবে।
৫। প্লট বরাদ্দ প্রবিধানমালা এর আলোকে সংশ্লিষ্ট সকলের অবগতি ও প্রয়োজনীয় কার্যক্রম গ্রহণের জন্য বিজ্ঞপ্তি প্রচার করা হলো।
বীর মুক্তিযোদ্ধা অধ্যক্ষ মোঃ বজলুর রহমান
চেয়ারম্যান
রাজশাহী উন্নয়ন কর্তৃপক্ষ
ফোন নং-০৭২১-৭৭২০৬২
জিডি-৮০০
